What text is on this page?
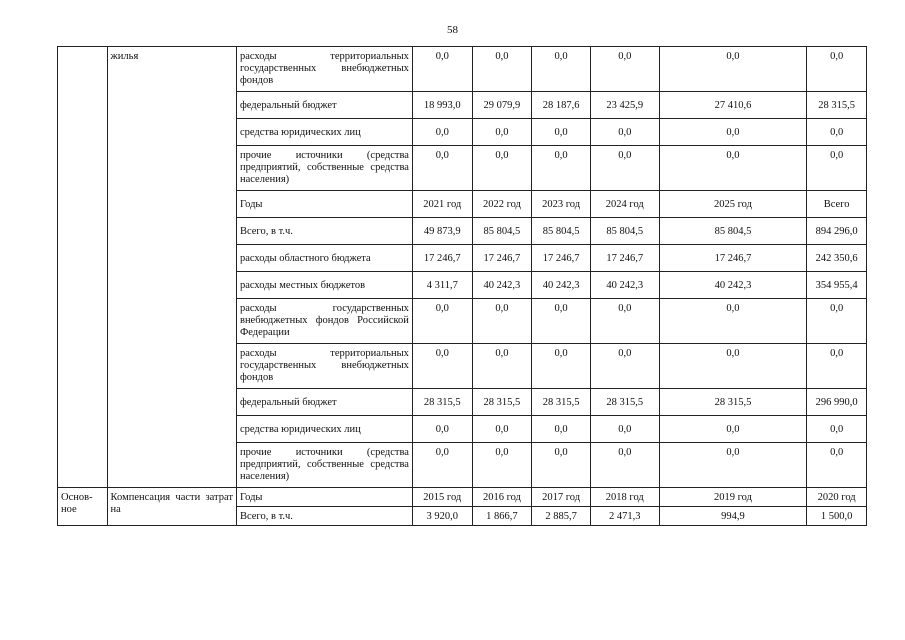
58
	жилья	расходы территориальных государственных внебюджетных фондов	0,0	0,0	0,0	0,0	0,0	0,0
		федеральный бюджет	18 993,0	29 079,9	28 187,6	23 425,9	27 410,6	28 315,5
		средства юридических лиц	0,0	0,0	0,0	0,0	0,0	0,0
		прочие источники (средства предприятий, собственные средства населения)	0,0	0,0	0,0	0,0	0,0	0,0
		Годы	2021 год	2022 год	2023 год	2024 год	2025 год	Всего
		Всего, в т.ч.	49 873,9	85 804,5	85 804,5	85 804,5	85 804,5	894 296,0
		расходы областного бюджета	17 246,7	17 246,7	17 246,7	17 246,7	17 246,7	242 350,6
		расходы местных бюджетов	4 311,7	40 242,3	40 242,3	40 242,3	40 242,3	354 955,4
		расходы государственных внебюджетных фондов Российской Федерации	0,0	0,0	0,0	0,0	0,0	0,0
		расходы территориальных государственных внебюджетных фондов	0,0	0,0	0,0	0,0	0,0	0,0
		федеральный бюджет	28 315,5	28 315,5	28 315,5	28 315,5	28 315,5	296 990,0
		средства юридических лиц	0,0	0,0	0,0	0,0	0,0	0,0
		прочие источники (средства предприятий, собственные средства населения)	0,0	0,0	0,0	0,0	0,0	0,0
Основ-ное	Компенсация части затрат на	Годы	2015 год	2016 год	2017 год	2018 год	2019 год	2020 год
		Всего, в т.ч.	3 920,0	1 866,7	2 885,7	2 471,3	994,9	1 500,0
